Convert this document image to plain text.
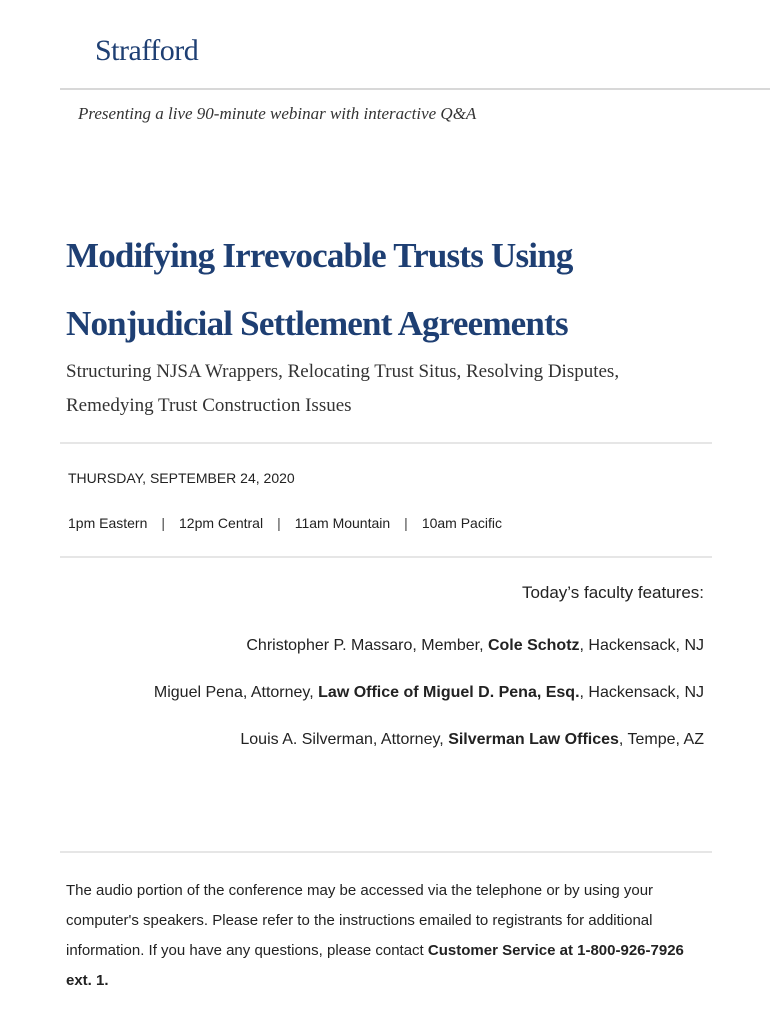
Strafford
Presenting a live 90-minute webinar with interactive Q&A
Modifying Irrevocable Trusts Using Nonjudicial Settlement Agreements

Structuring NJSA Wrappers, Relocating Trust Situs, Resolving Disputes, Remedying Trust Construction Issues

THURSDAY, SEPTEMBER 24, 2020
1pm Eastern | 12pm Central | 11am Mountain | 10am Pacific
Today’s faculty features:
Christopher P. Massaro, Member, Cole Schotz, Hackensack, NJ
Miguel Pena, Attorney, Law Office of Miguel D. Pena, Esq., Hackensack, NJ
Louis A. Silverman, Attorney, Silverman Law Offices, Tempe, AZ

The audio portion of the conference may be accessed via the telephone or by using your computer's speakers. Please refer to the instructions emailed to registrants for additional information. If you have any questions, please contact Customer Service at 1-800-926-7926 ext. 1.
